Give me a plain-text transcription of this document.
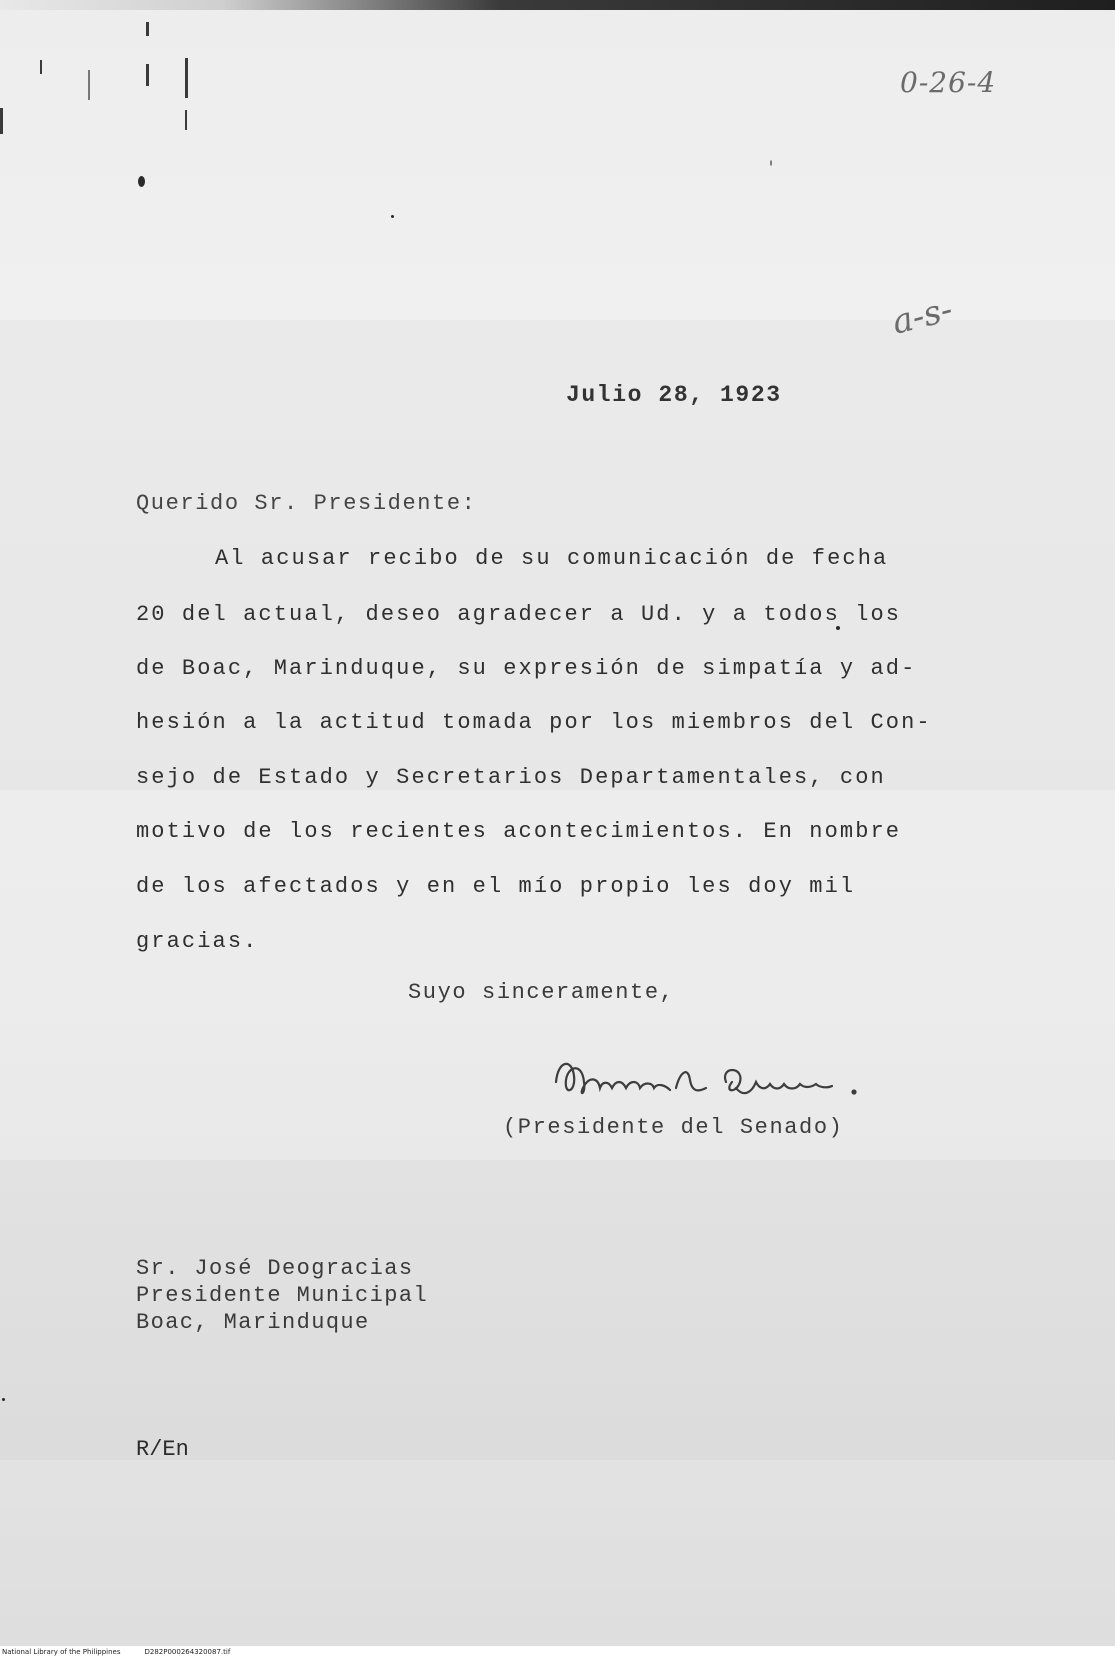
0-26-4
a-s-
Julio 28, 1923
Querido Sr. Presidente:
Al acusar recibo de su comunicación de fecha
20 del actual, deseo agradecer a Ud. y a todos los
de Boac, Marinduque, su expresión de simpatía y ad-
hesión a la actitud tomada por los miembros del Con-
sejo de Estado y Secretarios Departamentales, con
motivo de los recientes acontecimientos. En nombre
de los afectados y en el mío propio les doy mil
gracias.
Suyo sinceramente,
(Presidente del Senado)
Sr. José Deogracias
Presidente Municipal
Boac, Marinduque
R/En
National Library of the Philippines	D282P000264320087.tif
